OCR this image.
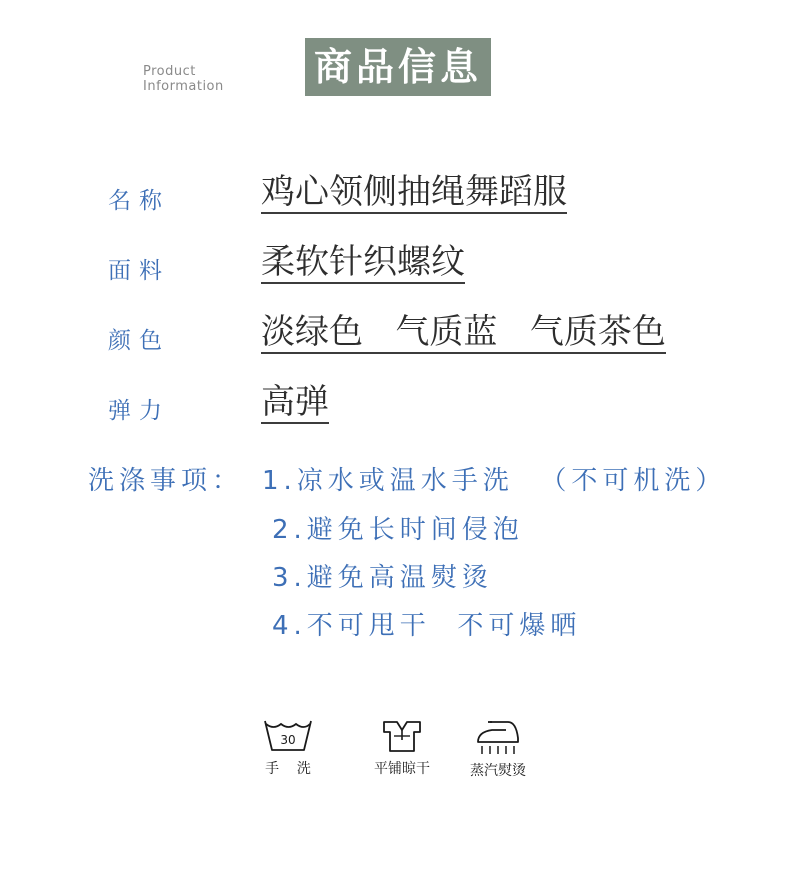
Product
Information 商品信息
名称	鸡心领侧抽绳舞蹈服
面料	柔软针织螺纹
颜色	淡绿色   气质蓝   气质茶色
弹力	高弹
洗涤事项： 1.凉水或温水手洗  （不可机洗）
2.避免长时间侵泡
3.避免高温熨烫
4.不可甩干  不可爆晒
30
手    洗	平铺晾干	蒸汽熨烫
